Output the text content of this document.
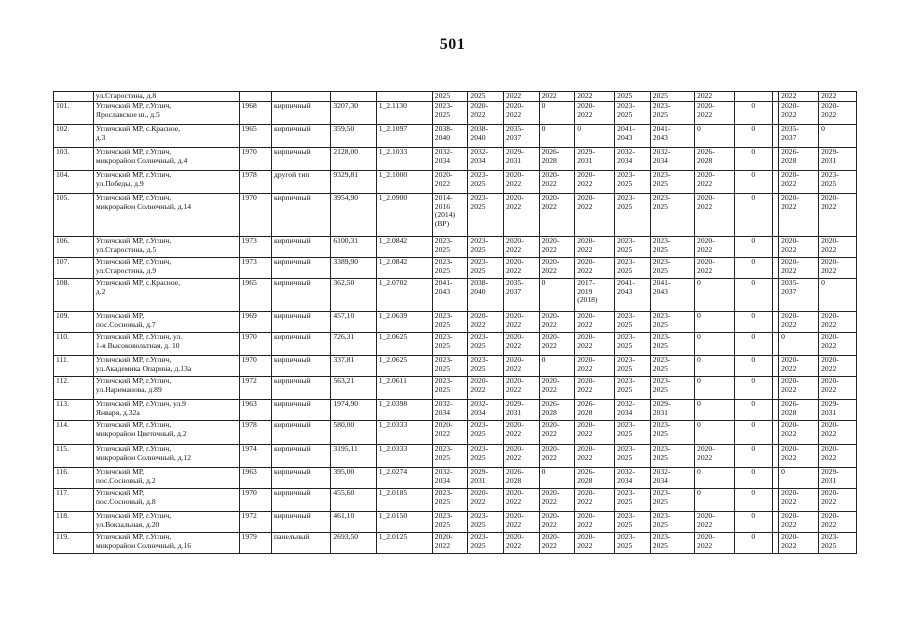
501
	ул.Старостина, д.8					2025	2025	2022	2022	2022	2025	2025	2022			2022	2022
101.	Угличский МР, г.Углич,
Ярославское ш., д.5	1968	кирпичный	3207,30	1_2.1130	2023-
2025	2020-
2022	2020-
2022	0	2020-
2022	2023-
2025	2023-
2025	2020-
2022	0		2020-
2022	2020-
2022
102.	Угличский МР, с.Красное,
д.3	1965	кирпичный	359,50	1_2.1097	2038-
2040	2038-
2040	2035-
2037	0	0	2041-
2043	2041-
2043	0	0		2035-
2037	0
103.	Угличский МР, г.Углич,
микрорайон Солнечный, д.4	1970	кирпичный	2128,00	1_2.1033	2032-
2034	2032-
2034	2029-
2031	2026-
2028	2029-
2031	2032-
2034	2032-
2034	2026-
2028	0		2026-
2028	2029-
2031
104.	Угличский МР, г.Углич,
ул.Победы, д.9	1978	другой тип	9329,81	1_2.1000	2020-
2022	2023-
2025	2020-
2022	2020-
2022	2020-
2022	2023-
2025	2023-
2025	2020-
2022	0		2020-
2022	2023-
2025
105.	Угличский МР, г.Углич,
микрорайон Солнечный, д.14	1970	кирпичный	3954,90	1_2.0900	2014-
2016
(2014)
(ВР)	2023-
2025	2020-
2022	2020-
2022	2020-
2022	2023-
2025	2023-
2025	2020-
2022	0		2020-
2022	2020-
2022
106.	Угличский МР, г.Углич,
ул.Старостина, д.5	1973	кирпичный	6100,31	1_2.0842	2023-
2025	2023-
2025	2020-
2022	2020-
2022	2020-
2022	2023-
2025	2023-
2025	2020-
2022	0		2020-
2022	2020-
2022
107.	Угличский МР, г.Углич,
ул.Старостина, д.9	1973	кирпичный	3389,90	1_2.0842	2023-
2025	2023-
2025	2020-
2022	2020-
2022	2020-
2022	2023-
2025	2023-
2025	2020-
2022	0		2020-
2022	2020-
2022
108.	Угличский МР, с.Красное,
д.2	1965	кирпичный	362,50	1_2.0702	2041-
2043	2038-
2040	2035-
2037	0	2017-
2019
(2018)	2041-
2043	2041-
2043	0	0		2035-
2037	0
109.	Угличский МР,
пос.Сосновый, д.7	1969	кирпичный	457,10	1_2.0639	2023-
2025	2020-
2022	2020-
2022	2020-
2022	2020-
2022	2023-
2025	2023-
2025	0	0		2020-
2022	2020-
2022
110.	Угличский МР, г.Углич, ул.
1-я Высоковольтная, д. 10	1970	кирпичный	726,31	1_2.0625	2023-
2025	2023-
2025	2020-
2022	2020-
2022	2020-
2022	2023-
2025	2023-
2025	0	0		0	2020-
2022
111.	Угличский МР, г.Углич,
ул.Академика Опарина, д.13а	1970	кирпичный	337,81	1_2.0625	2023-
2025	2023-
2025	2020-
2022	0	2020-
2022	2023-
2025	2023-
2025	0	0		2020-
2022	2020-
2022
112.	Угличский МР, г.Углич,
ул.Нариманова, д.89	1972	кирпичный	563,21	1_2.0611	2023-
2025	2020-
2022	2020-
2022	2020-
2022	2020-
2022	2023-
2025	2023-
2025	0	0		2020-
2022	2020-
2022
113.	Угличский МР, г.Углич, ул.9
Января, д.32а	1963	кирпичный	1974,90	1_2.0398	2032-
2034	2032-
2034	2029-
2031	2026-
2028	2026-
2028	2032-
2034	2029-
2031	0	0		2026-
2028	2029-
2031
114.	Угличский МР, г.Углич,
микрорайон Цветочный, д.2	1978	кирпичный	580,00	1_2.0333	2020-
2022	2023-
2025	2020-
2022	2020-
2022	2020-
2022	2023-
2025	2023-
2025	0	0		2020-
2022	2020-
2022
115.	Угличский МР, г.Углич,
микрорайон Солнечный, д.12	1974	кирпичный	3195,11	1_2.0333	2023-
2025	2023-
2025	2020-
2022	2020-
2022	2020-
2022	2023-
2025	2023-
2025	2020-
2022	0		2020-
2022	2020-
2022
116.	Угличский МР,
пос.Сосновый, д.2	1963	кирпичный	395,00	1_2.0274	2032-
2034	2029-
2031	2026-
2028	0	2026-
2028	2032-
2034	2032-
2034	0	0		0	2029-
2031
117.	Угличский МР,
пос.Сосновый, д.8	1970	кирпичный	455,60	1_2.0185	2023-
2025	2020-
2022	2020-
2022	2020-
2022	2020-
2022	2023-
2025	2023-
2025	0	0		2020-
2022	2020-
2022
118.	Угличский МР, г.Углич,
ул.Вокзальная, д.20	1972	кирпичный	461,10	1_2.0150	2023-
2025	2023-
2025	2020-
2022	2020-
2022	2020-
2022	2023-
2025	2023-
2025	2020-
2022	0		2020-
2022	2020-
2022
119.	Угличский МР, г.Углич,
микрорайон Солнечный, д.16	1979	панельный	2693,50	1_2.0125	2020-
2022	2023-
2025	2020-
2022	2020-
2022	2020-
2022	2023-
2025	2023-
2025	2020-
2022	0		2020-
2022	2023-
2025
